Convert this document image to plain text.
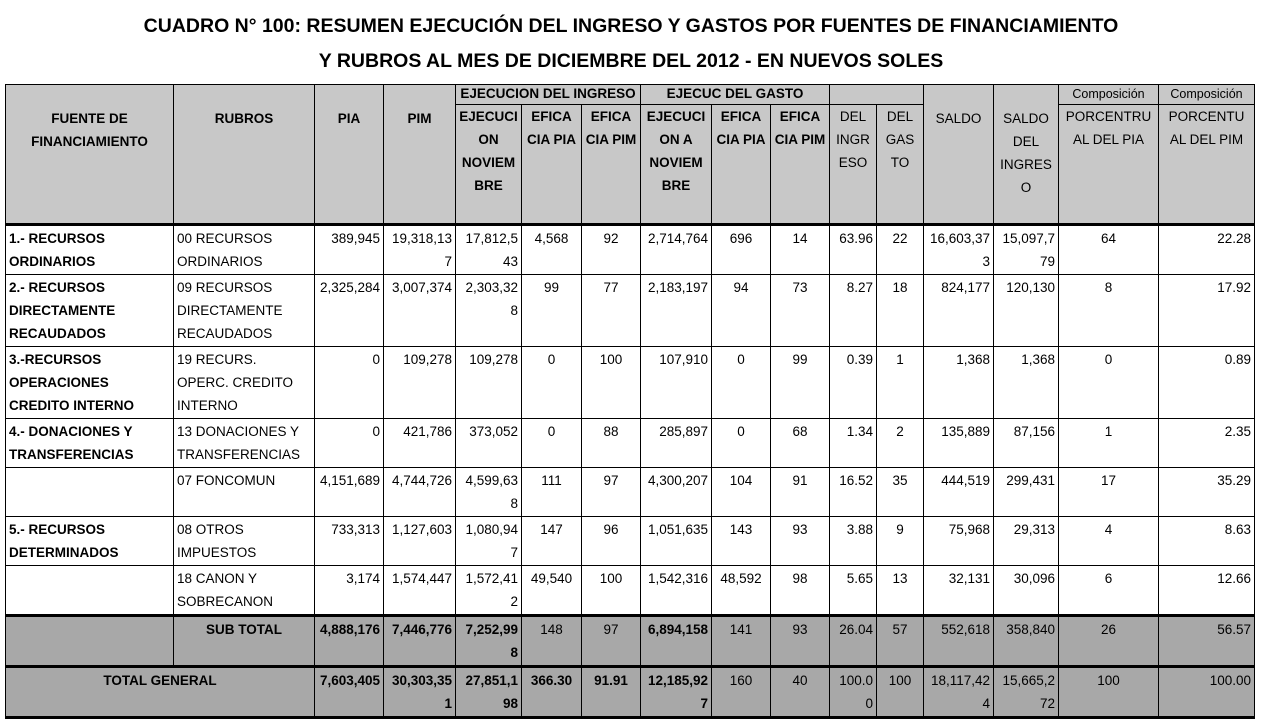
CUADRO N° 100: RESUMEN EJECUCIÓN DEL INGRESO Y GASTOS POR FUENTES DE FINANCIAMIENTO
Y RUBROS AL MES DE DICIEMBRE DEL 2012 - EN NUEVOS SOLES
FUENTE DE FINANCIAMIENTO	RUBROS	PIA	PIM	EJECUCION DEL INGRESO			EJECUC DEL GASTO					SALDO	SALDO DEL INGRES O	Composición	Composición
				EJECUCI ON NOVIEM BRE	EFICA CIA PIA	EFICA CIA PIM	EJECUCI ON A NOVIEM BRE	EFICA CIA PIA	EFICA CIA PIM	DEL INGR ESO	DEL GAS TO			PORCENTRU AL DEL PIA	PORCENTU AL DEL PIM
1.- RECURSOS ORDINARIOS	00 RECURSOS ORDINARIOS	389,945	19,318,137	17,812,543	4,568	92	2,714,764	696	14	63.96	22	16,603,373	15,097,779	64	22.28
2.- RECURSOS DIRECTAMENTE RECAUDADOS	09 RECURSOS DIRECTAMENTE RECAUDADOS	2,325,284	3,007,374	2,303,328	99	77	2,183,197	94	73	8.27	18	824,177	120,130	8	17.92
3.-RECURSOS OPERACIONES CREDITO INTERNO	19 RECURS. OPERC. CREDITO INTERNO	0	109,278	109,278	0	100	107,910	0	99	0.39	1	1,368	1,368	0	0.89
4.- DONACIONES Y TRANSFERENCIAS	13 DONACIONES Y TRANSFERENCIAS	0	421,786	373,052	0	88	285,897	0	68	1.34	2	135,889	87,156	1	2.35
	07 FONCOMUN	4,151,689	4,744,726	4,599,638	111	97	4,300,207	104	91	16.52	35	444,519	299,431	17	35.29
5.- RECURSOS DETERMINADOS	08 OTROS IMPUESTOS	733,313	1,127,603	1,080,947	147	96	1,051,635	143	93	3.88	9	75,968	29,313	4	8.63
	18 CANON Y SOBRECANON	3,174	1,574,447	1,572,412	49,540	100	1,542,316	48,592	98	5.65	13	32,131	30,096	6	12.66
	SUB TOTAL	4,888,176	7,446,776	7,252,998	148	97	6,894,158	141	93	26.04	57	552,618	358,840	26	56.57
TOTAL GENERAL		7,603,405	30,303,351	27,851,198	366.30	91.91	12,185,927	160	40	100.00	100	18,117,424	15,665,272	100	100.00
